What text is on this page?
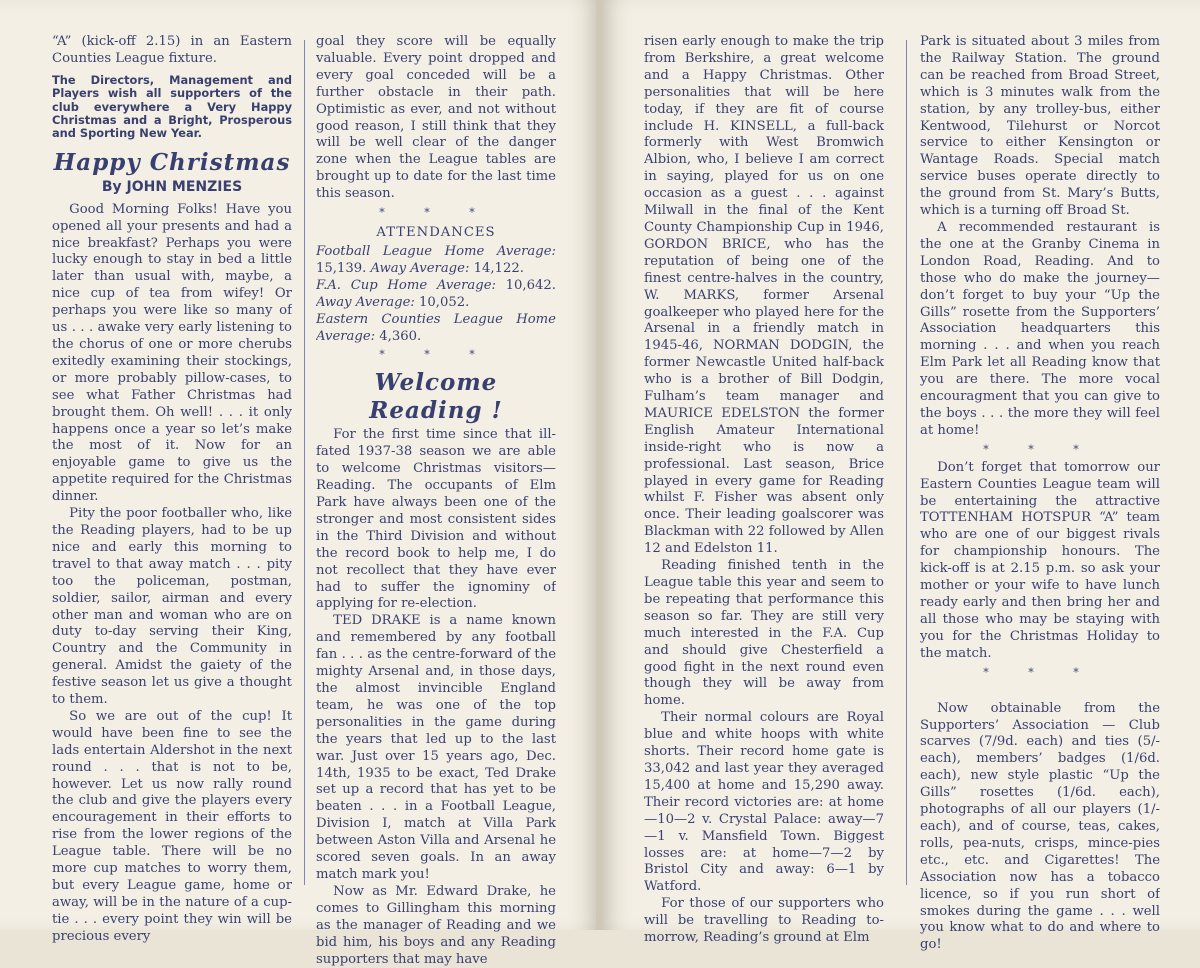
“A” (kick-off 2.15) in an Eastern Counties League fixture.

The Directors, Management and Players wish all supporters of the club everywhere a Very Happy Christmas and a Bright, Prosperous and Sporting New Year.

Happy Christmas
By JOHN MENZIES

Good Morning Folks! Have you opened all your presents and had a nice breakfast? Perhaps you were lucky enough to stay in bed a little later than usual with, maybe, a nice cup of tea from wifey! Or perhaps you were like so many of us . . . awake very early listening to the chorus of one or more cherubs exitedly examining their stockings, or more probably pillow-cases, to see what Father Christmas had brought them. Oh well! . . . it only happens once a year so let’s make the most of it. Now for an enjoyable game to give us the appetite required for the Christmas dinner.

Pity the poor footballer who, like the Reading players, had to be up nice and early this morning to travel to that away match . . . pity too the policeman, postman, soldier, sailor, airman and every other man and woman who are on duty to-day serving their King, Country and the Community in general. Amidst the gaiety of the festive season let us give a thought to them.

So we are out of the cup! It would have been fine to see the lads entertain Aldershot in the next round . . . that is not to be, however. Let us now rally round the club and give the players every encouragement in their efforts to rise from the lower regions of the League table. There will be no more cup matches to worry them, but every League game, home or away, will be in the nature of a cup-tie . . . every point they win will be precious every

goal they score will be equally valuable. Every point dropped and every goal conceded will be a further obstacle in their path. Optimistic as ever, and not without good reason, I still think that they will be well clear of the danger zone when the League tables are brought up to date for the last time this season.

* * *

ATTENDANCES

Football League Home Average: 15,139. Away Average: 14,122.

F.A. Cup Home Average: 10,642. Away Average: 10,052.

Eastern Counties League Home Average: 4,360.

* * *
Welcome Reading !

For the first time since that ill-fated 1937-38 season we are able to welcome Christmas visitors—Reading. The occupants of Elm Park have always been one of the stronger and most consistent sides in the Third Division and without the record book to help me, I do not recollect that they have ever had to suffer the ignominy of applying for re-election.

TED DRAKE is a name known and remembered by any football fan . . . as the centre-forward of the mighty Arsenal and, in those days, the almost invincible England team, he was one of the top personalities in the game during the years that led up to the last war. Just over 15 years ago, Dec. 14th, 1935 to be exact, Ted Drake set up a record that has yet to be beaten . . . in a Football League, Division I, match at Villa Park between Aston Villa and Arsenal he scored seven goals. In an away match mark you!

Now as Mr. Edward Drake, he comes to Gillingham this morning as the manager of Reading and we bid him, his boys and any Reading supporters that may have

risen early enough to make the trip from Berkshire, a great welcome and a Happy Christmas. Other personalities that will be here today, if they are fit of course include H. KINSELL, a full-back formerly with West Bromwich Albion, who, I believe I am correct in saying, played for us on one occasion as a guest . . . against Milwall in the final of the Kent County Championship Cup in 1946, GORDON BRICE, who has the reputation of being one of the finest centre-halves in the country, W. MARKS, former Arsenal goalkeeper who played here for the Arsenal in a friendly match in 1945-46, NORMAN DODGIN, the former Newcastle United half-back who is a brother of Bill Dodgin, Fulham’s team manager and MAURICE EDELSTON the former English Amateur International inside-right who is now a professional. Last season, Brice played in every game for Reading whilst F. Fisher was absent only once. Their leading goalscorer was Blackman with 22 followed by Allen 12 and Edelston 11.

Reading finished tenth in the League table this year and seem to be repeating that performance this season so far. They are still very much interested in the F.A. Cup and should give Chesterfield a good fight in the next round even though they will be away from home.

Their normal colours are Royal blue and white hoops with white shorts. Their record home gate is 33,042 and last year they averaged 15,400 at home and 15,290 away. Their record victories are: at home—10—2 v. Crystal Palace: away—7—1 v. Mansfield Town. Biggest losses are: at home—7—2 by Bristol City and away: 6—1 by Watford.

For those of our supporters who will be travelling to Reading to-morrow, Reading’s ground at Elm

Park is situated about 3 miles from the Railway Station. The ground can be reached from Broad Street, which is 3 minutes walk from the station, by any trolley-bus, either Kentwood, Tilehurst or Norcot service to either Kensington or Wantage Roads. Special match service buses operate directly to the ground from St. Mary’s Butts, which is a turning off Broad St.

A recommended restaurant is the one at the Granby Cinema in London Road, Reading. And to those who do make the journey—don’t forget to buy your “Up the Gills” rosette from the Supporters’ Association headquarters this morning . . . and when you reach Elm Park let all Reading know that you are there. The more vocal encouragment that you can give to the boys . . . the more they will feel at home!

* * *

Don’t forget that tomorrow our Eastern Counties League team will be entertaining the attractive TOTTENHAM HOTSPUR “A” team who are one of our biggest rivals for championship honours. The kick-off is at 2.15 p.m. so ask your mother or your wife to have lunch ready early and then bring her and all those who may be staying with you for the Christmas Holiday to the match.

* * *

Now obtainable from the Supporters’ Association — Club scarves (7/9d. each) and ties (5/- each), members’ badges (1/6d. each), new style plastic “Up the Gills” rosettes (1/6d. each), photographs of all our players (1/- each), and of course, teas, cakes, rolls, pea-nuts, crisps, mince-pies etc., etc. and Cigarettes! The Association now has a tobacco licence, so if you run short of smokes during the game . . . well you know what to do and where to go!
